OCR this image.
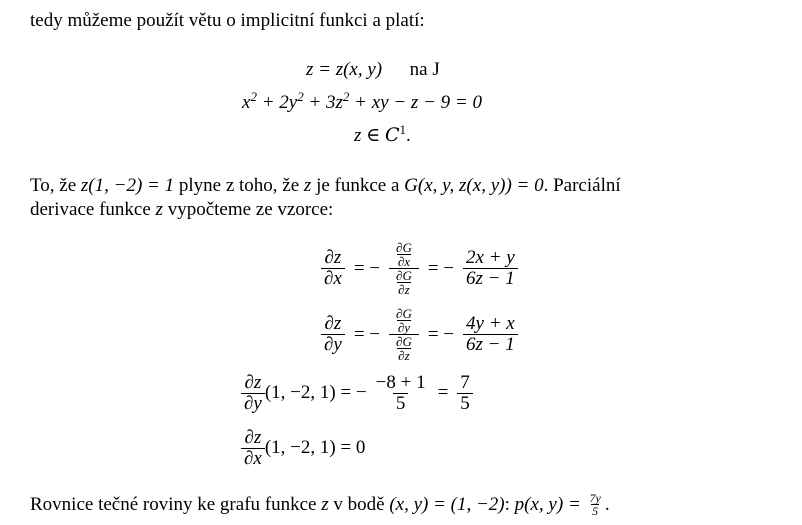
tedy můžeme použít větu o implicitní funkci a platí:
z = z(x, y) na J
$x^2 + 2y^2 + 3z^2$ + xy − z − 9 = 0
z ∈ $C^1$.
To, že z(1, −2) = 1 plyne z toho, že z je funkce a G(x, y, z(x, y)) = 0. Parciální
derivace funkce z vypočteme ze vzorce:
$\frac{\partial z}{\partial x}$ = − $\frac{\frac{\partial G}{\partial x}}{\frac{\partial G}{\partial z}}$ = − $\frac{2x + y}{6z - 1}$
$\frac{\partial z}{\partial y}$ = − $\frac{\frac{\partial G}{\partial y}}{\frac{\partial G}{\partial z}}$ = − $\frac{4y + x}{6z - 1}$
$\frac{\partial z}{\partial y} (1$, −2, 1) = − $\frac{-8 + 1}{5} = \frac{7}{5}$
$\frac{\partial z}{\partial x} (1$, −2, 1) = 0
Rovnice tečné roviny ke grafu funkce z v bodě (x, y) = (1, −2) : p(x, $y) = \frac{7y}{5}$ .
